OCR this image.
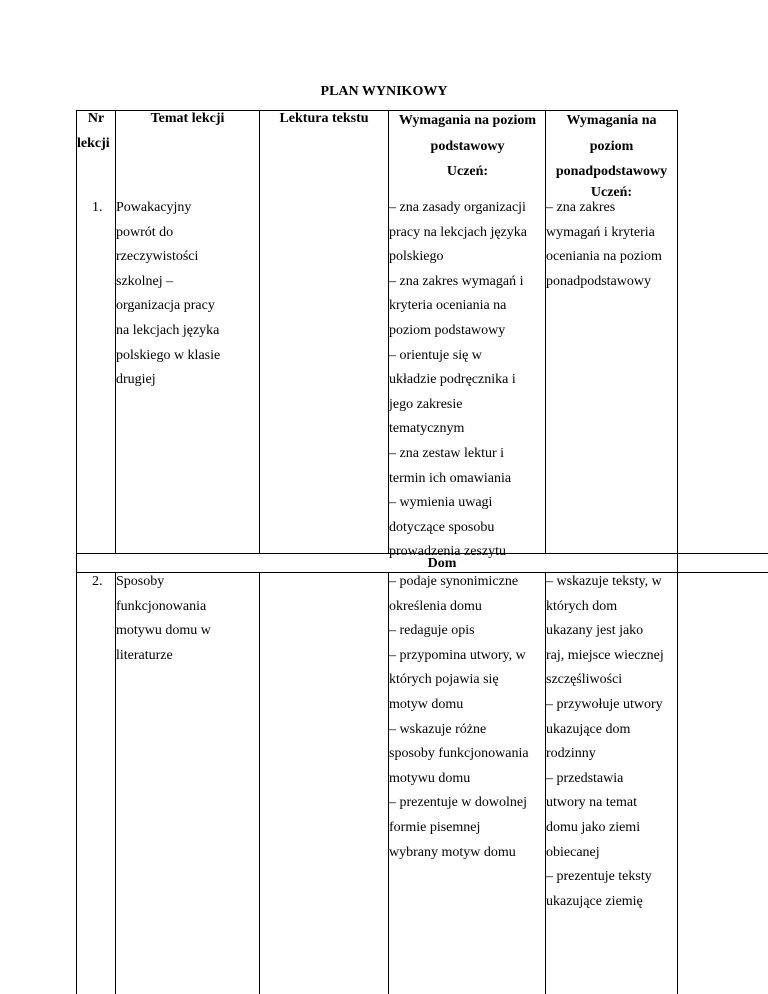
PLAN WYNIKOWY
Nr
lekcji
Temat lekcji	Lektura tekstu	Wymagania na poziom
podstawowy
Uczeń:
Wymagania na
poziom
ponadpodstawowy
Uczeń:
1. Powakacyjny
powrót do
rzeczywistości
szkolnej –
organizacja pracy
na lekcjach języka
polskiego w klasie
drugiej
– zna zasady organizacji
pracy na lekcjach języka
polskiego
– zna zakres wymagań i
kryteria oceniania na
poziom podstawowy
– orientuje się w
układzie podręcznika i
jego zakresie
tematycznym
– zna zestaw lektur i
termin ich omawiania
– wymienia uwagi
dotyczące sposobu
prowadzenia zeszytu
– zna zakres
wymagań i kryteria
oceniania na poziom
ponadpodstawowy
Dom
2. Sposoby
funkcjonowania
motywu domu w
literaturze
– podaje synonimiczne
określenia domu
– redaguje opis
– przypomina utwory, w
których pojawia się
motyw domu
– wskazuje różne
sposoby funkcjonowania
motywu domu
– prezentuje w dowolnej
formie pisemnej
wybrany motyw domu
– wskazuje teksty, w
których dom
ukazany jest jako
raj, miejsce wiecznej
szczęśliwości
– przywołuje utwory
ukazujące dom
rodzinny
– przedstawia
utwory na temat
domu jako ziemi
obiecanej
– prezentuje teksty
ukazujące ziemię
